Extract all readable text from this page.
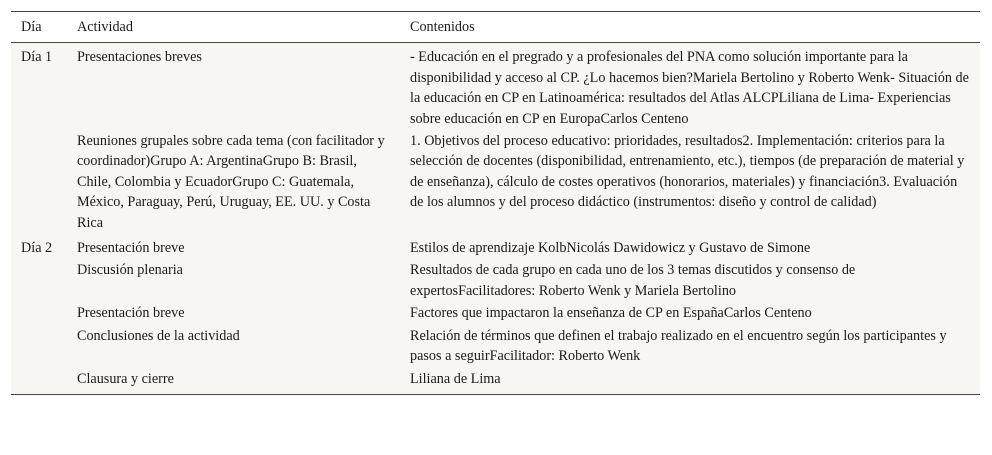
Día	Actividad	Contenidos
Día 1	Presentaciones breves	- Educación en el pregrado y a profesionales del PNA como solución importante para la disponibilidad y acceso al CP. ¿Lo hacemos bien?Mariela Bertolino y Roberto Wenk- Situación de la educación en CP en Latinoamérica: resultados del Atlas ALCPLiliana de Lima- Experiencias sobre educación en CP en EuropaCarlos Centeno
	Reuniones grupales sobre cada tema (con facilitador y coordinador)Grupo A: ArgentinaGrupo B: Brasil, Chile, Colombia y EcuadorGrupo C: Guatemala, México, Paraguay, Perú, Uruguay, EE. UU. y Costa Rica	1. Objetivos del proceso educativo: prioridades, resultados2. Implementación: criterios para la selección de docentes (disponibilidad, entrenamiento, etc.), tiempos (de preparación de material y de enseñanza), cálculo de costes operativos (honorarios, materiales) y financiación3. Evaluación de los alumnos y del proceso didáctico (instrumentos: diseño y control de calidad)
Día 2	Presentación breve	Estilos de aprendizaje KolbNicolás Dawidowicz y Gustavo de Simone
	Discusión plenaria	Resultados de cada grupo en cada uno de los 3 temas discutidos y consenso de expertosFacilitadores: Roberto Wenk y Mariela Bertolino
	Presentación breve	Factores que impactaron la enseñanza de CP en EspañaCarlos Centeno
	Conclusiones de la actividad	Relación de términos que definen el trabajo realizado en el encuentro según los participantes y pasos a seguirFacilitador: Roberto Wenk
	Clausura y cierre	Liliana de Lima
